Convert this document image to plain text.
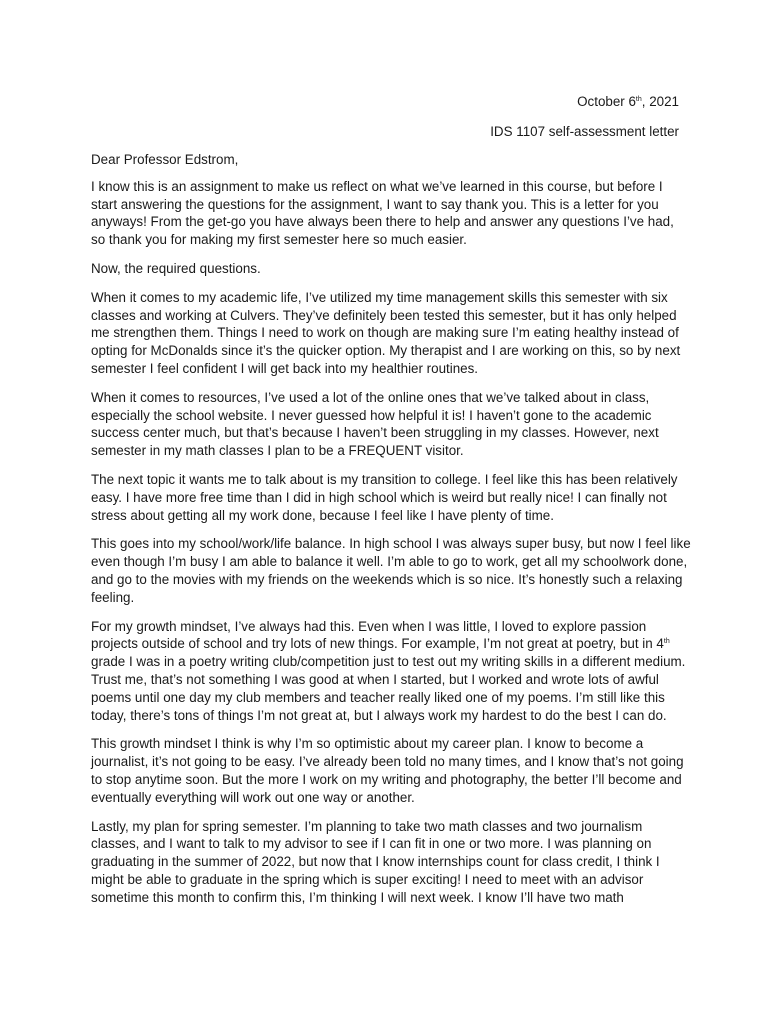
October 6th, 2021
IDS 1107 self-assessment letter

Dear Professor Edstrom,

I know this is an assignment to make us reflect on what we’ve learned in this course, but before I start answering the questions for the assignment, I want to say thank you. This is a letter for you anyways! From the get-go you have always been there to help and answer any questions I’ve had, so thank you for making my first semester here so much easier.

Now, the required questions.

When it comes to my academic life, I’ve utilized my time management skills this semester with six classes and working at Culvers. They’ve definitely been tested this semester, but it has only helped me strengthen them. Things I need to work on though are making sure I’m eating healthy instead of opting for McDonalds since it’s the quicker option. My therapist and I are working on this, so by next semester I feel confident I will get back into my healthier routines.

When it comes to resources, I’ve used a lot of the online ones that we’ve talked about in class, especially the school website. I never guessed how helpful it is! I haven’t gone to the academic success center much, but that’s because I haven’t been struggling in my classes. However, next semester in my math classes I plan to be a FREQUENT visitor.

The next topic it wants me to talk about is my transition to college. I feel like this has been relatively easy. I have more free time than I did in high school which is weird but really nice! I can finally not stress about getting all my work done, because I feel like I have plenty of time.

This goes into my school/work/life balance. In high school I was always super busy, but now I feel like even though I’m busy I am able to balance it well. I’m able to go to work, get all my schoolwork done, and go to the movies with my friends on the weekends which is so nice. It’s honestly such a relaxing feeling.

For my growth mindset, I’ve always had this. Even when I was little, I loved to explore passion projects outside of school and try lots of new things. For example, I’m not great at poetry, but in 4th grade I was in a poetry writing club/competition just to test out my writing skills in a different medium. Trust me, that’s not something I was good at when I started, but I worked and wrote lots of awful poems until one day my club members and teacher really liked one of my poems. I’m still like this today, there’s tons of things I’m not great at, but I always work my hardest to do the best I can do.

This growth mindset I think is why I’m so optimistic about my career plan. I know to become a journalist, it’s not going to be easy. I’ve already been told no many times, and I know that’s not going to stop anytime soon. But the more I work on my writing and photography, the better I’ll become and eventually everything will work out one way or another.

Lastly, my plan for spring semester. I’m planning to take two math classes and two journalism classes, and I want to talk to my advisor to see if I can fit in one or two more. I was planning on graduating in the summer of 2022, but now that I know internships count for class credit, I think I might be able to graduate in the spring which is super exciting! I need to meet with an advisor sometime this month to confirm this, I’m thinking I will next week. I know I’ll have two math
